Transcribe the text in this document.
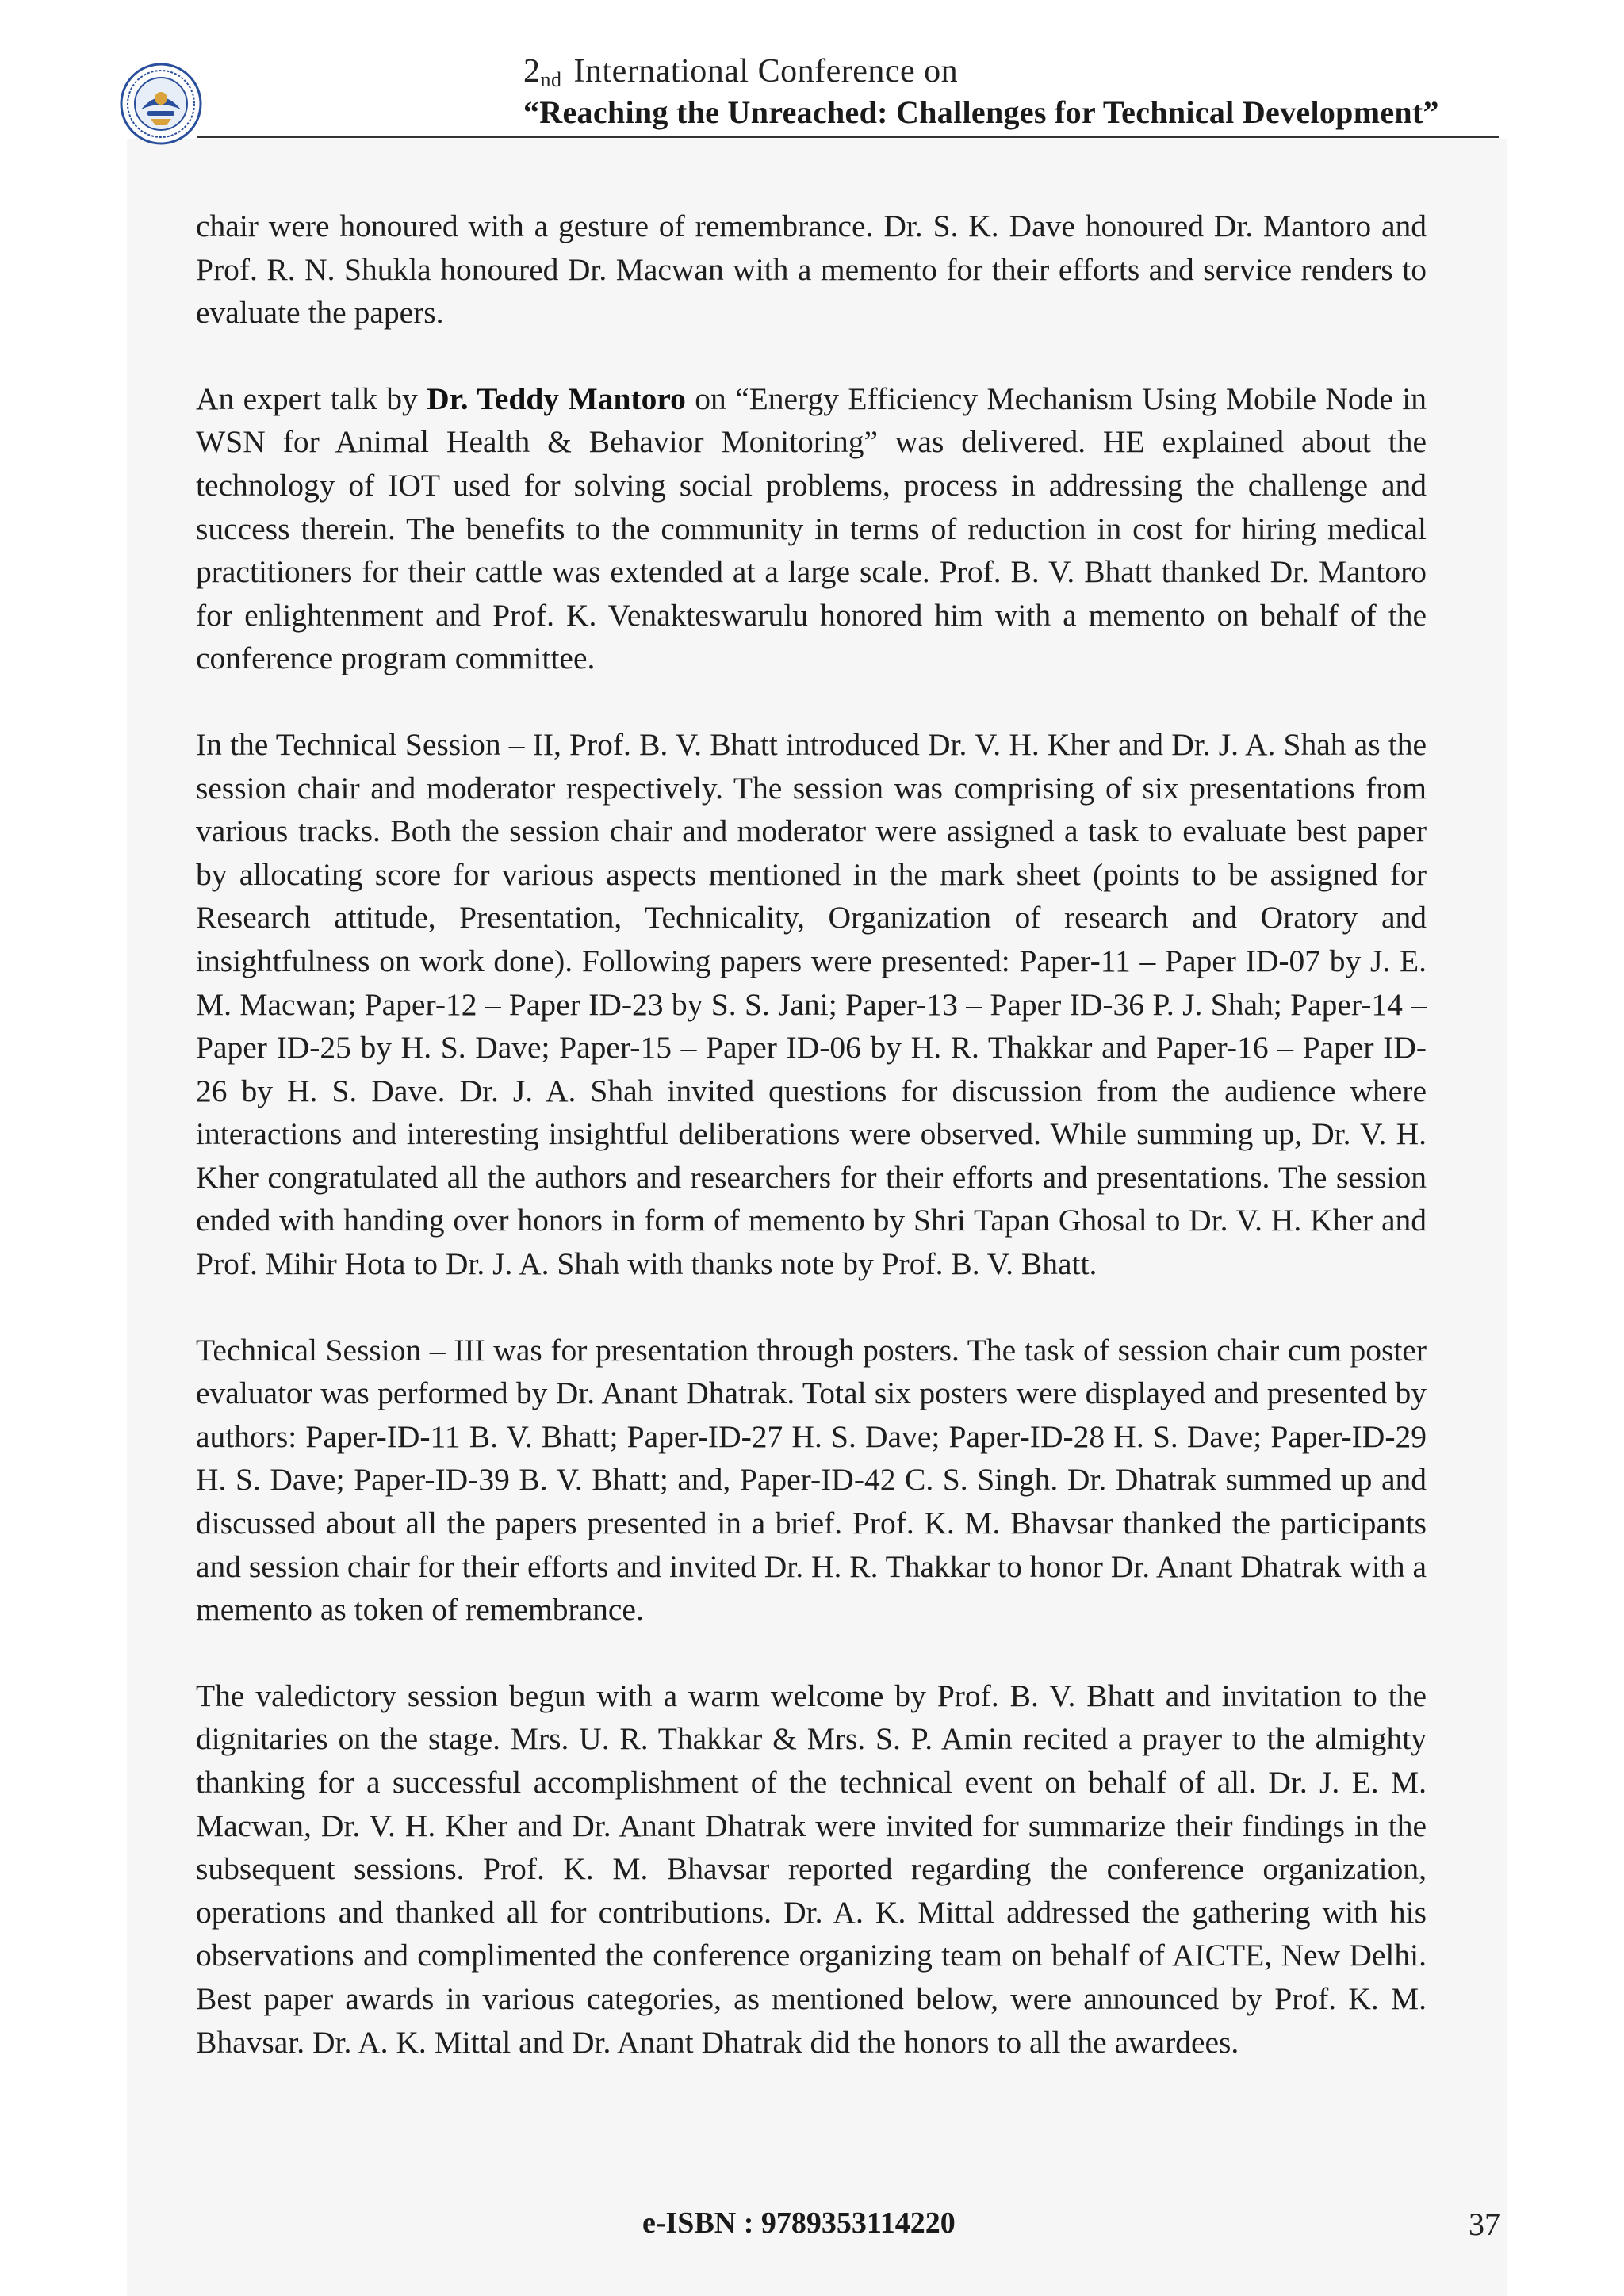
2nd International Conference on
“Reaching the Unreached: Challenges for Technical Development”

chair were honoured with a gesture of remembrance. Dr. S. K. Dave honoured Dr. Mantoro and Prof. R. N. Shukla honoured Dr. Macwan with a memento for their efforts and service renders to evaluate the papers.

An expert talk by Dr. Teddy Mantoro on “Energy Efficiency Mechanism Using Mobile Node in WSN for Animal Health & Behavior Monitoring” was delivered. HE explained about the technology of IOT used for solving social problems, process in addressing the challenge and success therein. The benefits to the community in terms of reduction in cost for hiring medical practitioners for their cattle was extended at a large scale. Prof. B. V. Bhatt thanked Dr. Mantoro for enlightenment and Prof. K. Venakteswarulu honored him with a memento on behalf of the conference program committee.

In the Technical Session – II, Prof. B. V. Bhatt introduced Dr. V. H. Kher and Dr. J. A. Shah as the session chair and moderator respectively. The session was comprising of six presentations from various tracks. Both the session chair and moderator were assigned a task to evaluate best paper by allocating score for various aspects mentioned in the mark sheet (points to be assigned for Research attitude, Presentation, Technicality, Organization of research and Oratory and insightfulness on work done). Following papers were presented: Paper-11 – Paper ID-07 by J. E. M. Macwan; Paper-12 – Paper ID-23 by S. S. Jani; Paper-13 – Paper ID-36 P. J. Shah; Paper-14 – Paper ID-25 by H. S. Dave; Paper-15 – Paper ID-06 by H. R. Thakkar and Paper-16 – Paper ID-26 by H. S. Dave. Dr. J. A. Shah invited questions for discussion from the audience where interactions and interesting insightful deliberations were observed. While summing up, Dr. V. H. Kher congratulated all the authors and researchers for their efforts and presentations. The session ended with handing over honors in form of memento by Shri Tapan Ghosal to Dr. V. H. Kher and Prof. Mihir Hota to Dr. J. A. Shah with thanks note by Prof. B. V. Bhatt.

Technical Session – III was for presentation through posters. The task of session chair cum poster evaluator was performed by Dr. Anant Dhatrak. Total six posters were displayed and presented by authors: Paper-ID-11 B. V. Bhatt; Paper-ID-27 H. S. Dave; Paper-ID-28 H. S. Dave; Paper-ID-29 H. S. Dave; Paper-ID-39 B. V. Bhatt; and, Paper-ID-42 C. S. Singh. Dr. Dhatrak summed up and discussed about all the papers presented in a brief. Prof. K. M. Bhavsar thanked the participants and session chair for their efforts and invited Dr. H. R. Thakkar to honor Dr. Anant Dhatrak with a memento as token of remembrance.

The valedictory session begun with a warm welcome by Prof. B. V. Bhatt and invitation to the dignitaries on the stage. Mrs. U. R. Thakkar & Mrs. S. P. Amin recited a prayer to the almighty thanking for a successful accomplishment of the technical event on behalf of all. Dr. J. E. M. Macwan, Dr. V. H. Kher and Dr. Anant Dhatrak were invited for summarize their findings in the subsequent sessions. Prof. K. M. Bhavsar reported regarding the conference organization, operations and thanked all for contributions. Dr. A. K. Mittal addressed the gathering with his observations and complimented the conference organizing team on behalf of AICTE, New Delhi. Best paper awards in various categories, as mentioned below, were announced by Prof. K. M. Bhavsar. Dr. A. K. Mittal and Dr. Anant Dhatrak did the honors to all the awardees.

e-ISBN : 9789353114220	37
